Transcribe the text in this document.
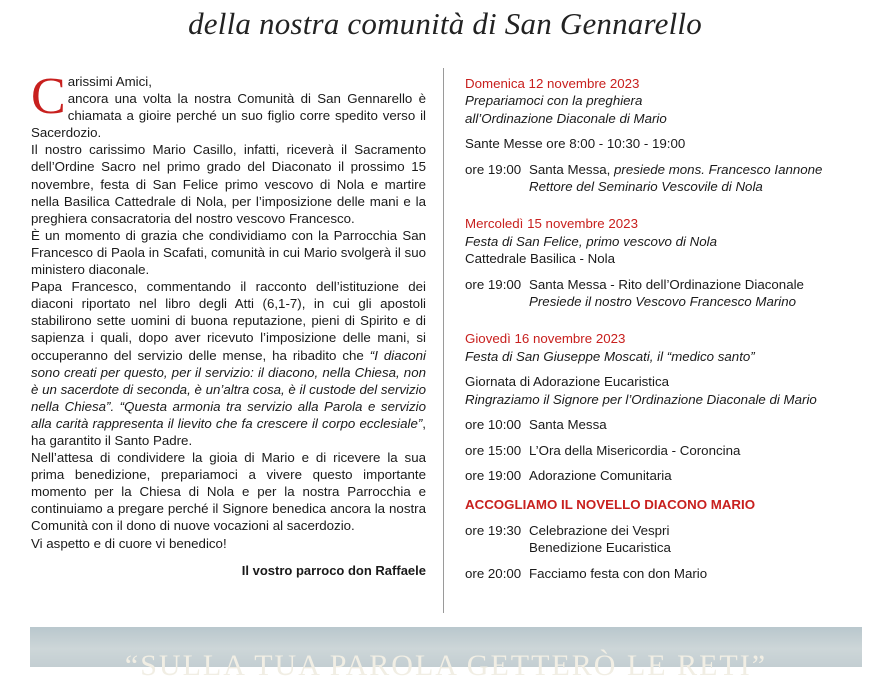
della nostra comunità di San Gennarello

Carissimi Amici,
ancora una volta la nostra Comunità di San Gennarello è chiamata a gioire perché un suo figlio corre spedito verso il Sacerdozio.

Il nostro carissimo Mario Casillo, infatti, riceverà il Sacramento dell’Ordine Sacro nel primo grado del Diaconato il prossimo 15 novembre, festa di San Felice primo vescovo di Nola e martire nella Basilica Cattedrale di Nola, per l’imposizione delle mani e la preghiera consacratoria del nostro vescovo Francesco.

È un momento di grazia che condividiamo con la Parrocchia San Francesco di Paola in Scafati, comunità in cui Mario svolgerà il suo ministero diaconale.

Papa Francesco, commentando il racconto dell’istituzione dei diaconi riportato nel libro degli Atti (6,1-7), in cui gli apostoli stabilirono sette uomini di buona reputazione, pieni di Spirito e di sapienza i quali, dopo aver ricevuto l’imposizione delle mani, si occuperanno del servizio delle mense, ha ribadito che “I diaconi sono creati per questo, per il servizio: il diacono, nella Chiesa, non è un sacerdote di seconda, è un’altra cosa, è il custode del servizio nella Chiesa”. “Questa armonia tra servizio alla Parola e servizio alla carità rappresenta il lievito che fa crescere il corpo ecclesiale”, ha garantito il Santo Padre.

Nell’attesa di condividere la gioia di Mario e di ricevere la sua prima benedizione, prepariamoci a vivere questo importante momento per la Chiesa di Nola e per la nostra Parrocchia e continuiamo a pregare perché il Signore benedica ancora la nostra Comunità con il dono di nuove vocazioni al sacerdozio.

Vi aspetto e di cuore vi benedico!

Il vostro parroco don Raffaele
Domenica 12 novembre 2023
Prepariamoci con la preghiera
all’Ordinazione Diaconale di Mario
Sante Messe ore 8:00 - 10:30 - 19:00
ore 19:00 Santa Messa, presiede mons. Francesco Iannone
Rettore del Seminario Vescovile di Nola
Mercoledì 15 novembre 2023
Festa di San Felice, primo vescovo di Nola
Cattedrale Basilica - Nola
ore 19:00 Santa Messa - Rito dell’Ordinazione Diaconale
Presiede il nostro Vescovo Francesco Marino
Giovedì 16 novembre 2023
Festa di San Giuseppe Moscati, il “medico santo”
Giornata di Adorazione Eucaristica
Ringraziamo il Signore per l’Ordinazione Diaconale di Mario
ore 10:00 Santa Messa
ore 15:00 L’Ora della Misericordia - Coroncina
ore 19:00 Adorazione Comunitaria
ACCOGLIAMO IL NOVELLO DIACONO MARIO
ore 19:30 Celebrazione dei Vespri
Benedizione Eucaristica
ore 20:00 Facciamo festa con don Mario
“SULLA TUA PAROLA GETTERÒ LE RETI”
